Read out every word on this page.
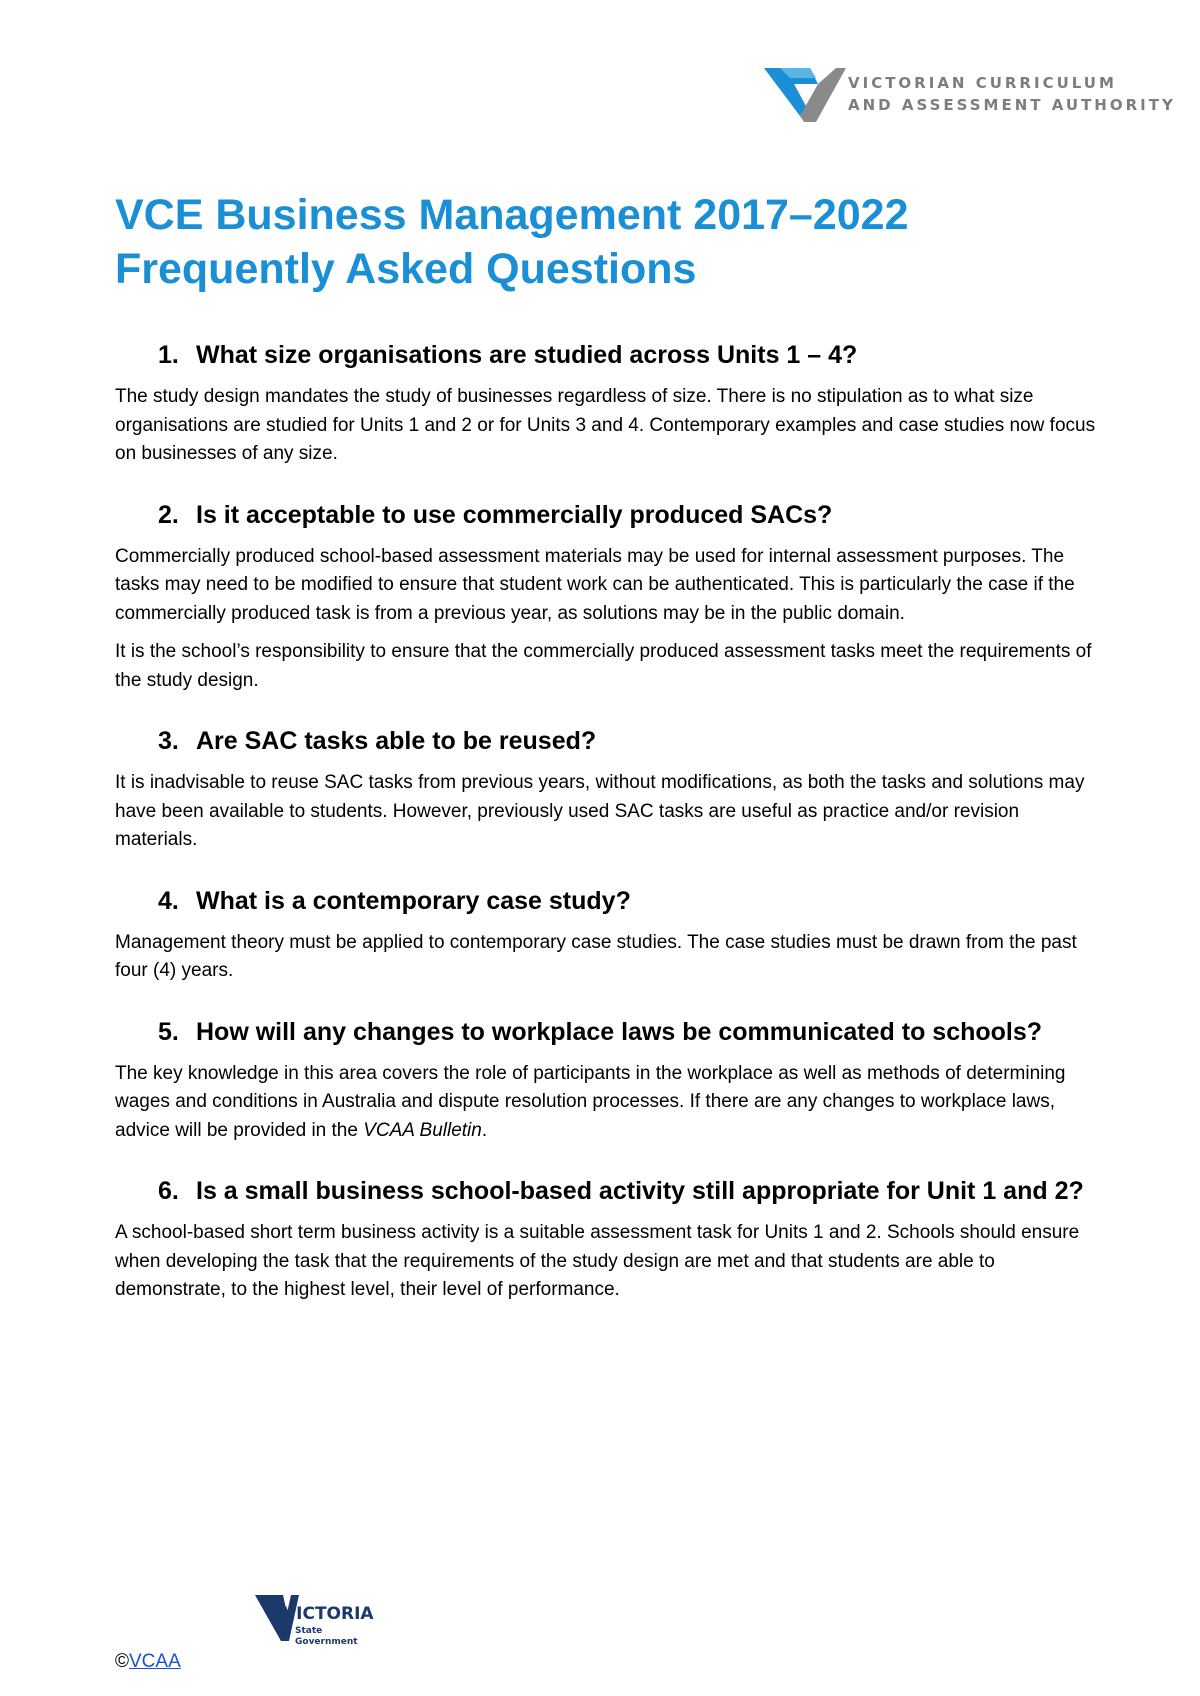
VICTORIAN CURRICULUM
AND ASSESSMENT AUTHORITY
VCE Business Management 2017–2022
Frequently Asked Questions
1. What size organisations are studied across Units 1 – 4?

The study design mandates the study of businesses regardless of size. There is no stipulation as to what size organisations are studied for Units 1 and 2 or for Units 3 and 4. Contemporary examples and case studies now focus on businesses of any size.

2. Is it acceptable to use commercially produced SACs?

Commercially produced school-based assessment materials may be used for internal assessment purposes. The tasks may need to be modified to ensure that student work can be authenticated. This is particularly the case if the commercially produced task is from a previous year, as solutions may be in the public domain.

It is the school’s responsibility to ensure that the commercially produced assessment tasks meet the requirements of the study design.

3. Are SAC tasks able to be reused?

It is inadvisable to reuse SAC tasks from previous years, without modifications, as both the tasks and solutions may have been available to students. However, previously used SAC tasks are useful as practice and/or revision materials.

4. What is a contemporary case study?

Management theory must be applied to contemporary case studies. The case studies must be drawn from the past four (4) years.

5. How will any changes to workplace laws be communicated to schools?

The key knowledge in this area covers the role of participants in the workplace as well as methods of determining wages and conditions in Australia and dispute resolution processes. If there are any changes to workplace laws, advice will be provided in the VCAA Bulletin.

6. Is a small business school-based activity still appropriate for Unit 1 and 2?

A school-based short term business activity is a suitable assessment task for Units 1 and 2. Schools should ensure when developing the task that the requirements of the study design are met and that students are able to demonstrate, to the highest level, their level of performance.

VICTORIA
State
Government
©VCAA
